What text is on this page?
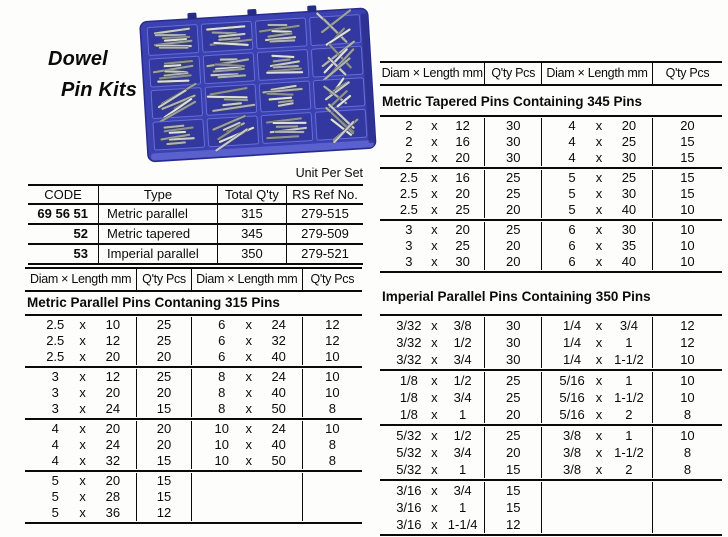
Dowel
Pin Kits
Unit Per Set
CODE	Type	Total Q'ty	RS Ref No.
69 56 51	Metric parallel	315	279-515
52	Metric tapered	345	279-509
53	Imperial parallel	350	279-521
Diam × Length mm Q'ty Pcs Diam × Length mm	Q'ty Pcs
Metric Parallel Pins Contaning 315 Pins
2.5	x	10	25	6	x	24	12
2.5	x	12	25	6	x	32	12
2.5	x	20	20	6	x	40	10
3	x	12	25	8	x	24	10
3	x	20	20	8	x	40	10
3	x	24	15	8	x	50	8
4	x	20	20	10	x	24	10
4	x	24	20	10	x	40	8
4	x	32	15	10	x	50	8
5	x	20	15
5	x	28	15
5	x	36	12
Diam × Length mm Q'ty Pcs Diam × Length mm	Q'ty Pcs
Metric Tapered Pins Containing 345 Pins
2	x	12	30	4	x	20	20
2	x	16	30	4	x	25	15
2	x	20	30	4	x	30	15
2.5	x	16	25	5	x	25	15
2.5	x	20	25	5	x	30	15
2.5	x	25	20	5	x	40	10
3	x	20	25	6	x	30	10
3	x	25	20	6	x	35	10
3	x	30	20	6	x	40	10
Imperial Parallel Pins Containing 350 Pins
3/32 x	3/8	30	1/4	x	3/4	12
3/32 x	1/2	30	1/4	x	1	12
3/32 x	3/4	30	1/4	x 1-1/2	10
1/8	x	1/2	25	5/16 x	1	10
1/8	x	3/4	25	5/16 x 1-1/2	10
1/8	x	1	20	5/16 x	2	8
5/32 x	1/2	25	3/8	x	1	10
5/32 x	3/4	20	3/8	x 1-1/2	8
5/32 x	1	15	3/8	x	2	8
3/16 x	3/4	15
3/16 x	1	15
3/16 x 1-1/4	12
